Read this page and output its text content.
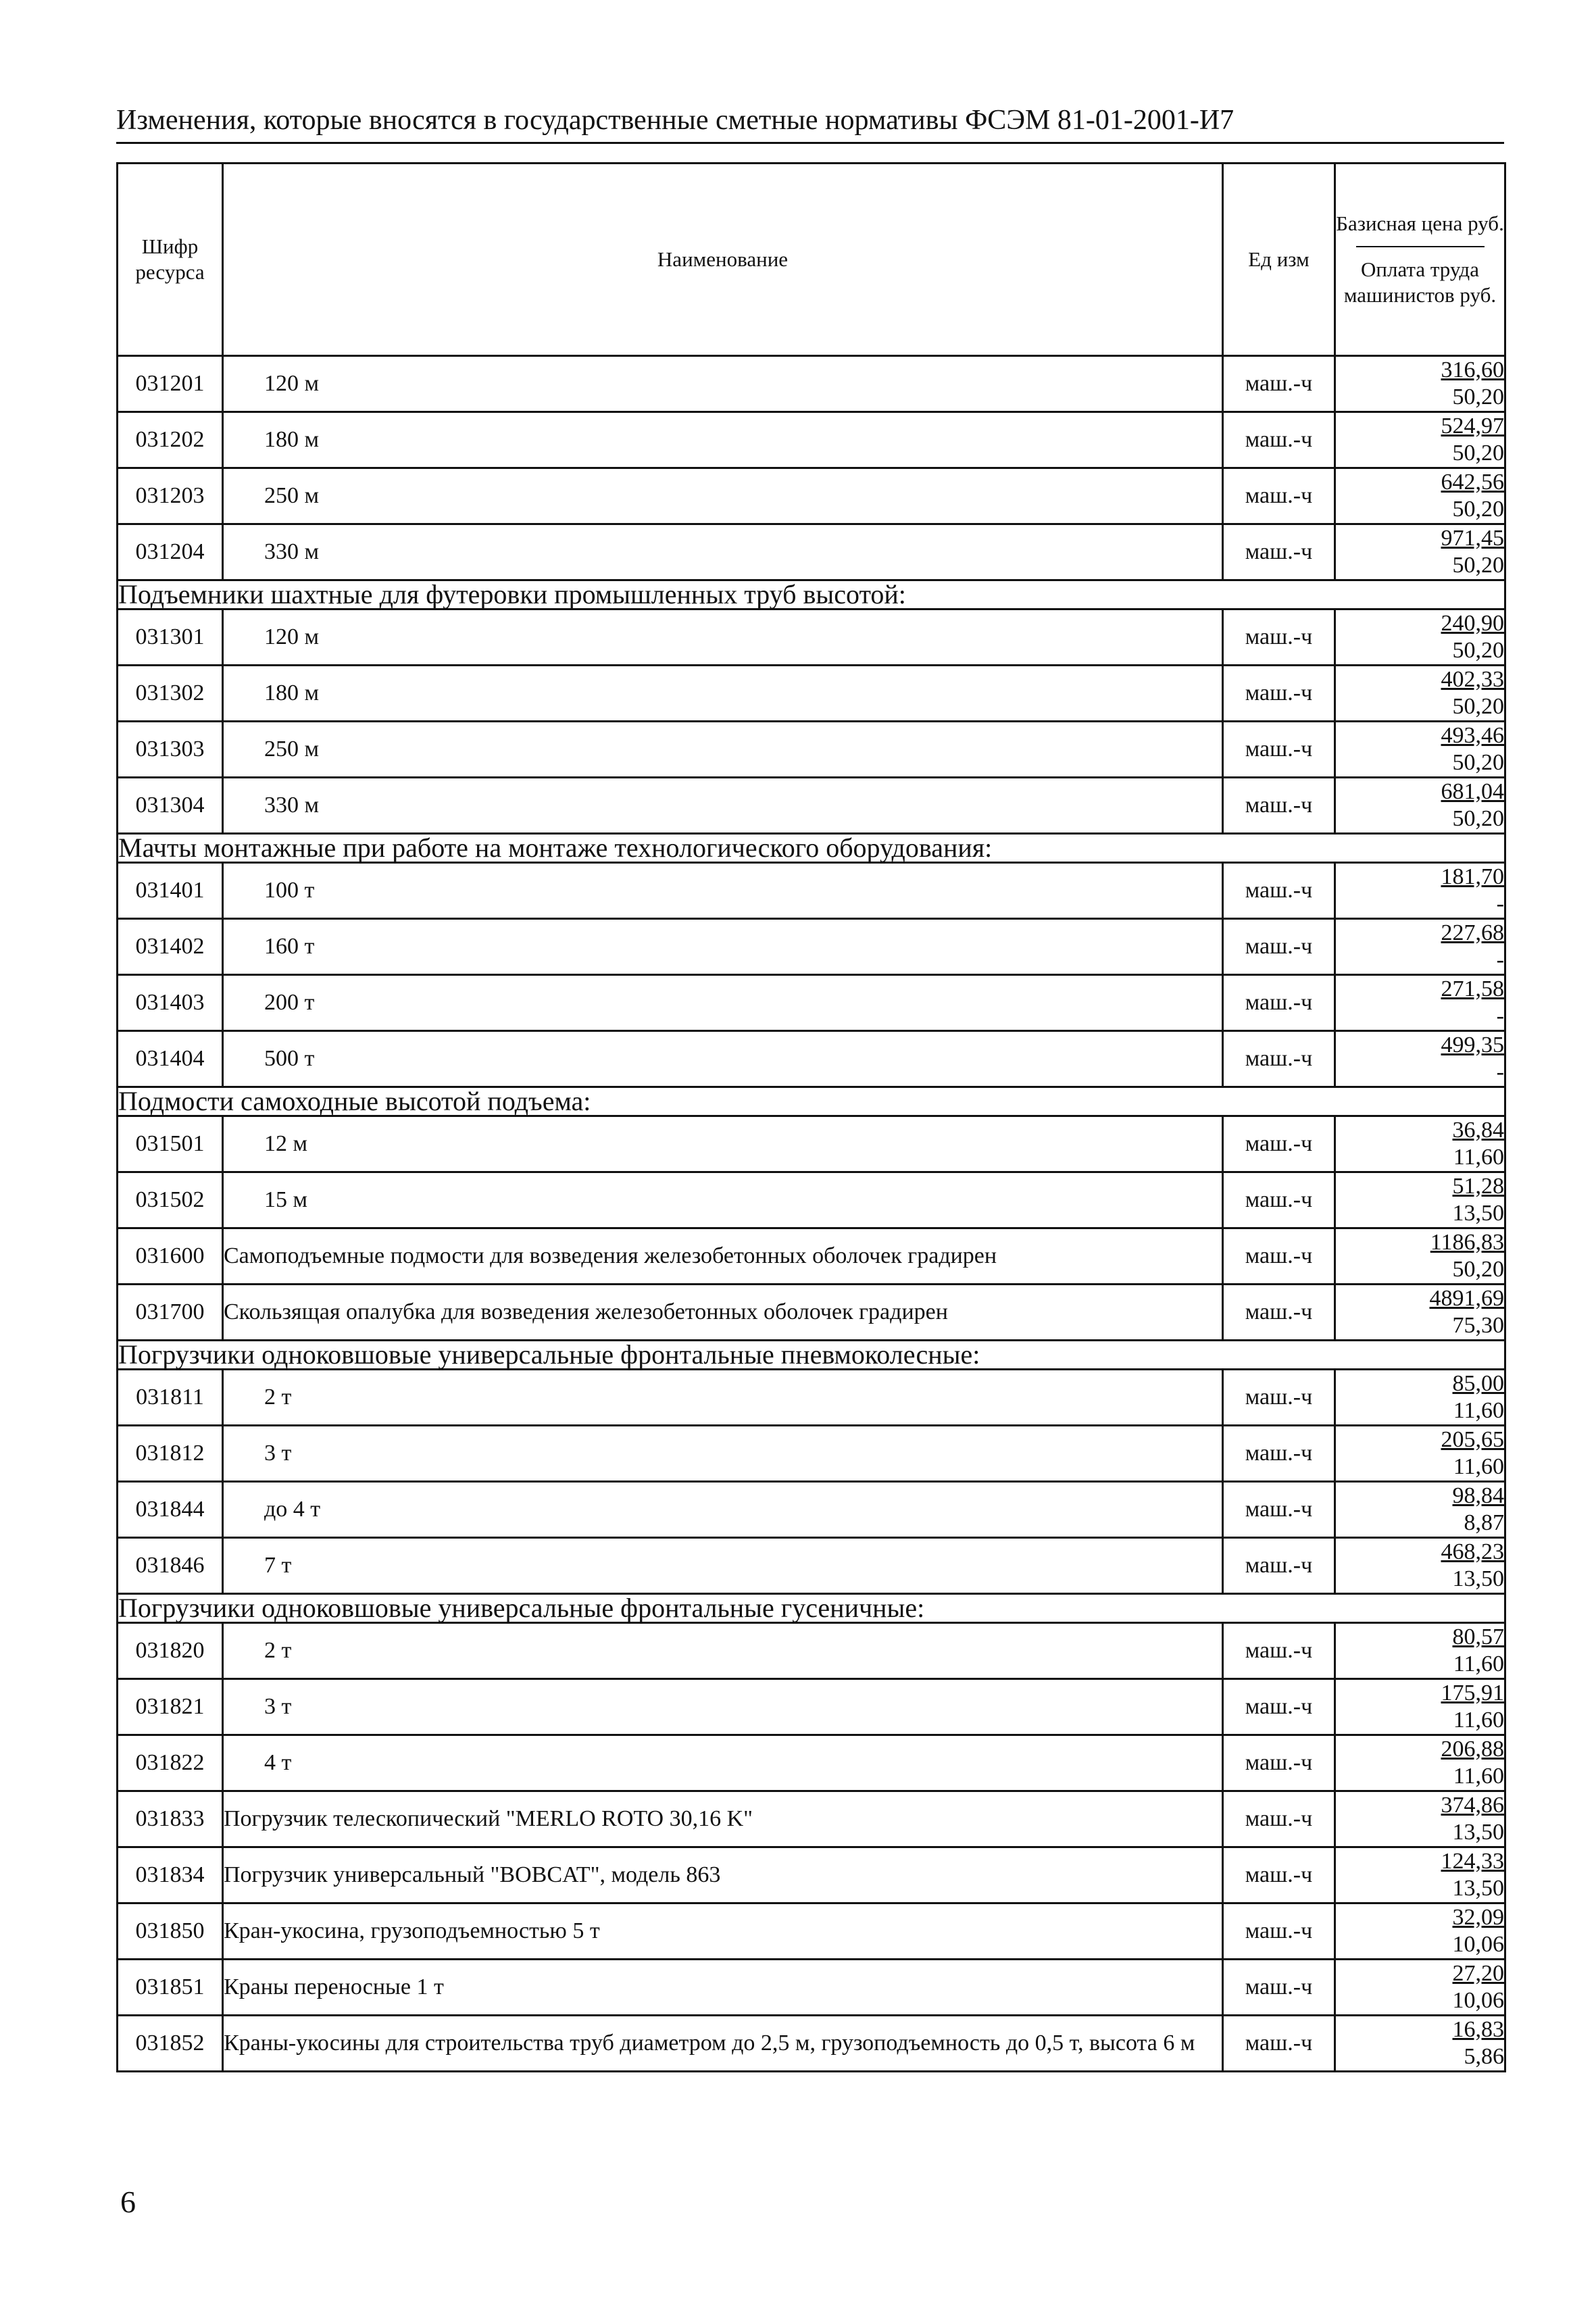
Изменения, которые вносятся в государственные сметные нормативы ФСЭМ 81-01-2001-И7
Шифр ресурса	Наименование	Ед изм	Базисная цена руб.
Оплата труда машинистов руб.

031201	120 м	маш.-ч	316,60
50,20

031202	180 м	маш.-ч	524,97
50,20

031203	250 м	маш.-ч	642,56
50,20

031204	330 м	маш.-ч	971,45
50,20

Подъемники шахтные для футеровки промышленных труб высотой:			
031301	120 м	маш.-ч	240,90
50,20

031302	180 м	маш.-ч	402,33
50,20

031303	250 м	маш.-ч	493,46
50,20

031304	330 м	маш.-ч	681,04
50,20

Мачты монтажные при работе на монтаже технологического оборудования:			
031401	100 т	маш.-ч	181,70
-

031402	160 т	маш.-ч	227,68
-

031403	200 т	маш.-ч	271,58
-

031404	500 т	маш.-ч	499,35
-

Подмости самоходные высотой подъема:			
031501	12 м	маш.-ч	36,84
11,60

031502	15 м	маш.-ч	51,28
13,50

031600	Самоподъемные подмости для возведения железобетонных оболочек градирен	маш.-ч	1186,83
50,20

031700	Скользящая опалубка для возведения железобетонных оболочек градирен	маш.-ч	4891,69
75,30

Погрузчики одноковшовые универсальные фронтальные пневмоколесные:			
031811	2 т	маш.-ч	85,00
11,60

031812	3 т	маш.-ч	205,65
11,60

031844	до 4 т	маш.-ч	98,84
8,87

031846	7 т	маш.-ч	468,23
13,50

Погрузчики одноковшовые универсальные фронтальные гусеничные:			
031820	2 т	маш.-ч	80,57
11,60

031821	3 т	маш.-ч	175,91
11,60

031822	4 т	маш.-ч	206,88
11,60

031833	Погрузчик телескопический "MERLO ROTO 30,16 K"	маш.-ч	374,86
13,50

031834	Погрузчик универсальный "BOBCAT", модель 863	маш.-ч	124,33
13,50

031850	Кран-укосина, грузоподъемностью 5 т	маш.-ч	32,09
10,06

031851	Краны переносные 1 т	маш.-ч	27,20
10,06

031852	Краны-укосины для строительства труб диаметром до 2,5 м, грузоподъемность до 0,5 т, высота 6 м	маш.-ч	16,83
5,86
6
